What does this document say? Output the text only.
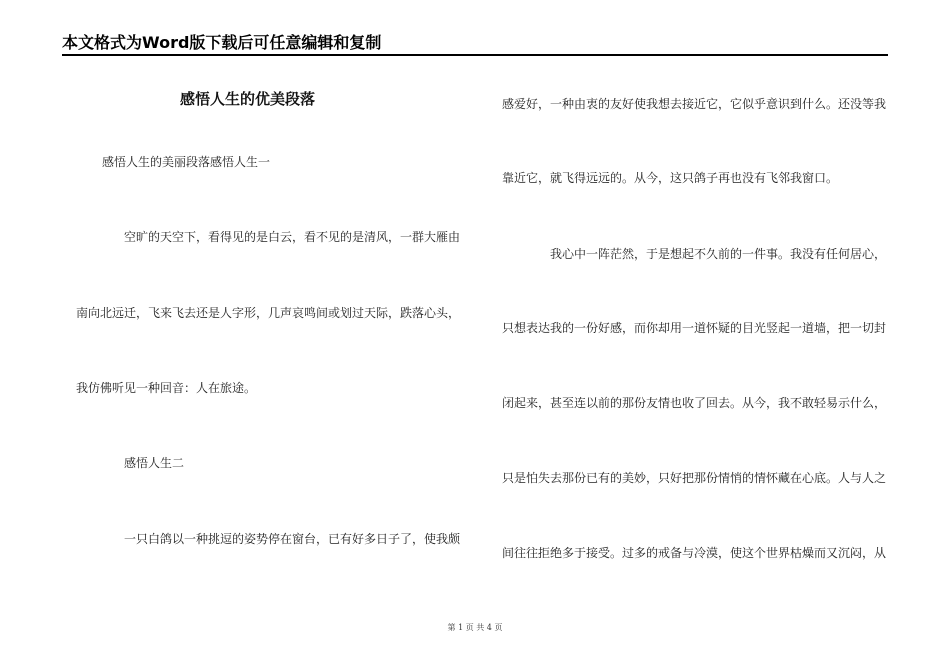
本文格式为Word版下载后可任意编辑和复制
感悟人生的优美段落
感悟人生的美丽段落感悟人生一
空旷的天空下，看得见的是白云，看不见的是清风，一群大雁由
南向北远迁，飞来飞去还是人字形，几声哀鸣间或划过天际，跌落心头，
我仿佛听见一种回音：人在旅途。
感悟人生二
一只白鸽以一种挑逗的姿势停在窗台，已有好多日子了，使我颇
感爱好，一种由衷的友好使我想去接近它，它似乎意识到什么。还没等我
靠近它，就飞得远远的。从今，这只鸽子再也没有飞邻我窗口。
我心中一阵茫然，于是想起不久前的一件事。我没有任何居心，
只想表达我的一份好感，而你却用一道怀疑的目光竖起一道墙，把一切封
闭起来，甚至连以前的那份友情也收了回去。从今，我不敢轻易示什么，
只是怕失去那份已有的美妙，只好把那份情悄的情怀藏在心底。人与人之
间往往拒绝多于接受。过多的戒备与冷漠，使这个世界枯燥而又沉闷，从
第 1 页 共 4 页
